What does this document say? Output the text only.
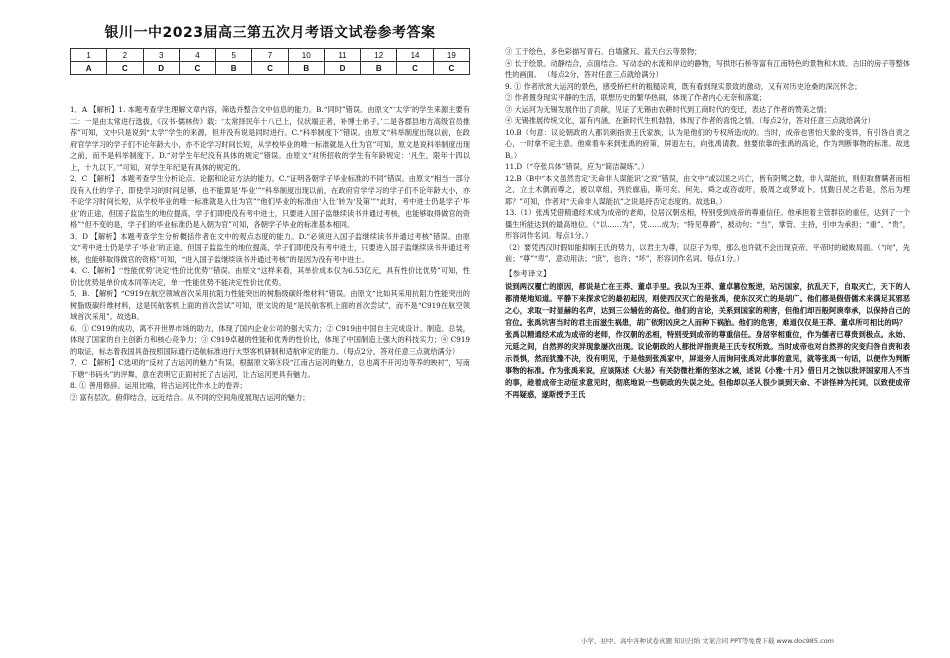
银川一中2023届高三第五次月考语文试卷参考答案
1	2	3	4	5	7	10	11	12	14	19
A	C	D	C	B	C	B	D	B	C	C

1．A 【解析】1. 本题考查学生理解文章内容，筛选并整合文中信息的能力。B.“同时”错误。由原文“‘太学’的学生来源主要有二：一是由太常进行选拔，《汉书·儒林传》载：‘太常择民年十八已上，仪状端正者，补博士弟子。’二是各郡县地方高级官员推荐”可知，文中只是说到“太学”学生的来源，但并没有说是同时进行。C.“科举制度下”错误。由原文“科举制度出现以前，在政府官学学习的学子们不论年龄大小，亦不论学习时间长短，从学校毕业的唯一标准就是入仕为官”可知，原文是说科举制度出现之前，而不是科举制度下。D.“对学生年纪没有具体的规定”错误。由原文“对所招收的学生有年龄规定：‘凡生，限年十四以上，十九以下。’”可知，对学生年纪是有具体的规定的。

2．C 【解析】 本题考查学生分析论点、论据和论证方法的能力。C.“证明各朝学子毕业标准的不同”错误。由原文“相当一部分没有入仕的学子，即使学习的时间足够，也不能算是‘毕业’”“科举制度出现以前，在政府官学学习的学子们不论年龄大小，亦不论学习时间长短，从学校毕业的唯一标准就是入仕为官”“他们毕业的标准由‘入仕’转为‘及第’”“此时，考中进士仍是学子‘毕业’的正途，但国子监监生的地位提高，学子们即使没有考中进士，只要进入国子监继续读书并通过考核，也能够取得做官的资格”“但不变的是，学子们的毕业标准仍是入朝为官”可知，各朝学子毕业的标准基本相同。

3．D 【解析】本题考查学生分析概括作者在文中的观点态度的能力。D.“必须进入国子监继续读书并通过考核”错误。由原文“考中进士仍是学子‘毕业’的正途，但国子监监生的地位提高，学子们即使没有考中进士，只要进入国子监继续读书并通过考核，也能够取得做官的资格”可知，“进入国子监继续读书并通过考核”的是因为没有考中进士。

4．C.【解析】‘‘性能优势’决定‘性价比优势’’错误。由原文“这样来看，其单价成本仅为6.53亿元，具有性价比优势”可知，性价比优势是单价成本同等决定，单一性能优势不能决定性价比优势。

5．B. 【解析】“C919在航空领域首次采用抗阻力性能突出的树脂级碳纤维材料”错误。由原文“比如其采用抗阻力性能突出的树脂级碳纤维材料，这是民航客机上面的首次尝试”可知，原文说的是“是民航客机上面的首次尝试”，而不是“C919在航空领域首次采用”。故选B。

6．① C919的成功，离不开世界市场的助力，体现了国内企业公司的强大实力；② C919由中国自主完成设计、制造、总装，体现了国家的自主创新力和核心竞争力；③ C919卓越的性能和优秀的性价比，体现了中国制造上强大的科技实力；④ C919的取证，标志着我国具备按照国际通行适航标准进行大型客机研制和适航审定的能力。（每点2分，答对任意三点就给满分）

7．C 【解析】C选项的“反衬了古运河的魅力”有误，根据原文第⑧段“江南古运河的魅力，总也离不开河边等养的映衬”，写南下塘“书码头”的评舞，意在表明它正面衬托了古运河，让古运河更具有魅力。

8. ① 善用修辞。运用比喻，将古运河比作水上的卷弄；

② 富有层次。俯仰结合，远近结合。从不同的空间角度展现古运河的魅力；

③ 工于绘色，多色彩描写青石、白墙黛瓦、蓝天白云等景物；

④ 长于绘景。动静结合，点面结合。写动态的水流和岸边的静物，写拱形石桥等富有江南特色的景物和木质、古旧的房子等整体性的画面。 （每点2分，答对任意三点就给满分）

9. ① 作者欣赏大运河的景色，感受桥栏杆的粗糙凉爽，既有看到现实景致的激动，又有对历史沧桑的深沉怀念；

② 作者置身现实平静的生活，联想历史的繁华热闹，体现了作者内心无奈和落寞；

③ 大运河为无锡发展作出了贡献，见证了无锡由农耕时代到工商时代的变迁，表达了作者的赞美之情；

④ 无锡推展传统文化，富有内涵，在新时代生机勃勃，体现了作者的喜悦之情。（每点2分，答对任意三点就给满分）

10.B（句意：议论朝政的人都讥刺指责王氏家族，认为是他们的专权所造成的。当时，成帝也害怕天象的变异，有引咎自责之心，一时拿不定主意。他乘着车来到张禹的府第，屏退左右，向张禹请教。他要依靠的张禹的高论，作为判断事物的标准。故选B。）

11.D（“夺张兵体”错误，应为“简洁凝练”。）

12.B（B中“本文虽然肯定‘天命非人谋能识’之说”错误，由文中“或以国之兴亡，皆有阴骘之数，非人谋能抗，则但取曹瞒者而相之，立土木偶而尊之，被以章组，列於廊庙，斯可矣。何先、舜之或咨或吁，殷周之或梦或卜，忧勤日昃之若是，然后为理耶？”可知，作者对“天命非人谋能抗”之说是持否定态度的。故选B。）

13.（1）张禹凭借精通经术成为成帝的老师，位居汉朝丞相，特别受到成帝的尊重信任。他承担着主管群臣的重任，达到了一个僵生所能达到的最高地位。（“以……为”，凭……成为；“特见尊爵”，被动句；“当”，掌管、主持，引申为承担；“重”、“贵”，形容词作名词。每点1分。）

（2）要凭西汉时假如能抑制王氏的势力，以君主为尊，以臣子为卑，那么也许就不会出现哀帝、平帝时的破败局面。（“向”，先前；“尊”“卑”，意动用法；“庶”，也许；“坏”，形容词作名词。每点1分。）

【参考译文】

说到两汉覆亡的原因，都说是亡在王莽、董卓手里。我以为王莽、董卓篡位叛逆，玷污国家，抗乱天下，自取灭亡，天下的人都清楚地知道。平静下来探求它的最初起因，则使西汉灭亡的是张禹，使东汉灭亡的是胡广。他们都是假借儒术来满足其邪恶之心，求取一时显赫的名声，达到三公辅佐的高位。他们的言论，关系到国家的利害，但他们却百般阿谀奉承，以保持自己的官位。张禹坑害当时的君主而滋生祸患，胡广依附凶戾之人而种下祸胎。他们的危害，难道仅仅是王莽、董卓所可相比的吗？

张禹以精通经术成为成帝的老师，作汉朝的丞相，特别受到成帝的尊重信任。身居宰相重位，作为儒者已尊贵到极点。永始、元延之间，自然界的灾异现象屡次出现。议论朝政的人都批评指责是王氏专权所致。当时成帝也对自然界的灾变归咎自责和表示畏惧，然而犹豫不决，没有明见，于是他到张禹家中，屏退旁人而询问张禹对此事的意见，就等张禹一句话，以便作为判断事物的标准。作为张禹来说，应该陈述《大易》有关防微杜渐的坚冰之诫，述说《小雅·十月》借日月之蚀以批评国家用人不当的事，趁着成帝主动征求意见时，彻底地说一些朝政的失误之处。但他却以圣人很少谈到天命、不讲怪神为托词，以致使成帝不再疑惑，遂斯授予王氏

小学、初中、高中各种试卷真题 知识归纳 文案合同 PPT等免费下载 www.doc985.com
